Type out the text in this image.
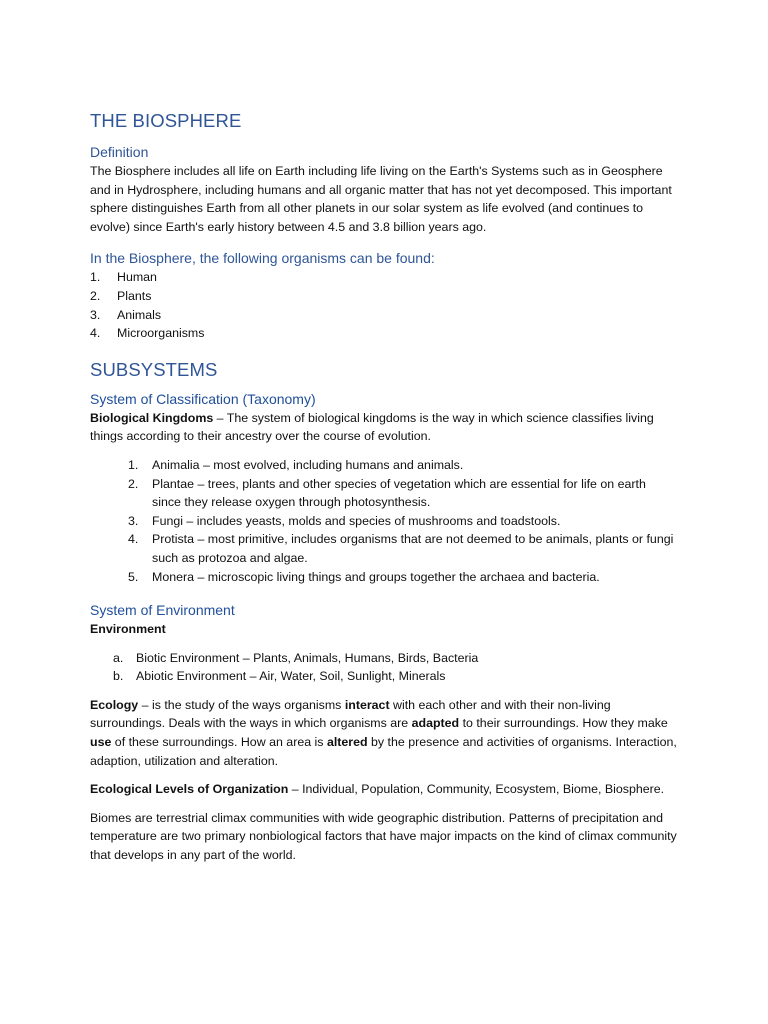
THE BIOSPHERE
Definition

The Biosphere includes all life on Earth including life living on the Earth's Systems such as in Geosphere and in Hydrosphere, including humans and all organic matter that has not yet decomposed. This important sphere distinguishes Earth from all other planets in our solar system as life evolved (and continues to evolve) since Earth's early history between 4.5 and 3.8 billion years ago.

In the Biosphere, the following organisms can be found:
1. Human
2. Plants
3. Animals
4. Microorganisms
SUBSYSTEMS
System of Classification (Taxonomy)

Biological Kingdoms – The system of biological kingdoms is the way in which science classifies living things according to their ancestry over the course of evolution.

1. Animalia – most evolved, including humans and animals.
2. Plantae – trees, plants and other species of vegetation which are essential for life on earth since they release oxygen through photosynthesis.
3. Fungi – includes yeasts, molds and species of mushrooms and toadstools.
4. Protista – most primitive, includes organisms that are not deemed to be animals, plants or fungi such as protozoa and algae.
5. Monera – microscopic living things and groups together the archaea and bacteria.
System of Environment

Environment

a. Biotic Environment – Plants, Animals, Humans, Birds, Bacteria
b. Abiotic Environment – Air, Water, Soil, Sunlight, Minerals

Ecology – is the study of the ways organisms interact with each other and with their non-living surroundings. Deals with the ways in which organisms are adapted to their surroundings. How they make use of these surroundings. How an area is altered by the presence and activities of organisms. Interaction, adaption, utilization and alteration.

Ecological Levels of Organization – Individual, Population, Community, Ecosystem, Biome, Biosphere.

Biomes are terrestrial climax communities with wide geographic distribution. Patterns of precipitation and temperature are two primary nonbiological factors that have major impacts on the kind of climax community that develops in any part of the world.
